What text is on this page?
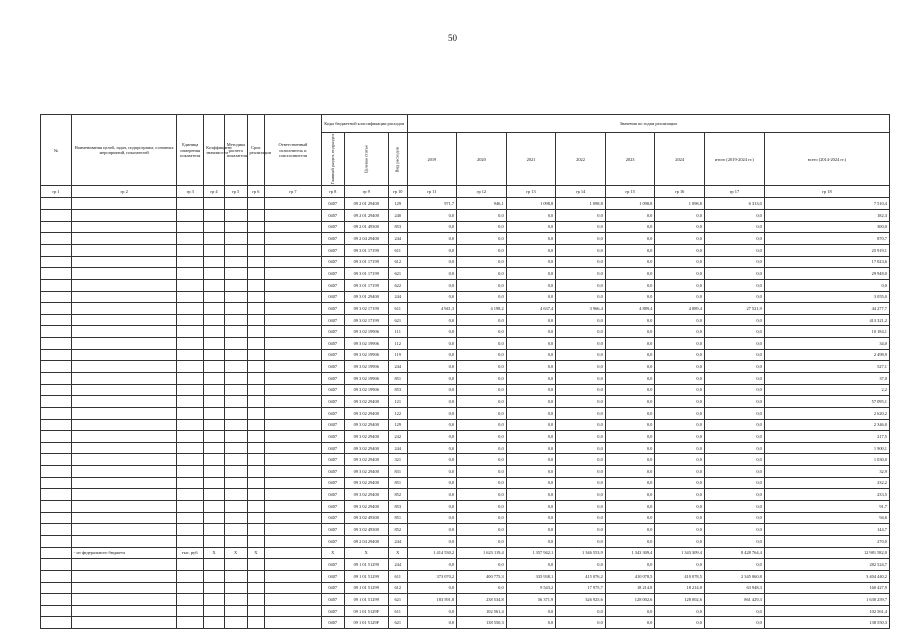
50
№	Наименования целей, задач, подпрограмм, основных мероприятий, показателей	Единица измерения показателя	Коэффициент значимости	Методика расчета показателя	Срок реализации	Ответственный исполнитель и соисполнители	Коды бюджетной классификации расходов			Значения по годам реализации							
							Главный раздел, подраздел	Целевая статья	Вид расходов	2019	2020	2021	2022	2023	2024	итого (2019-2024 гг.)	всего (2014-2024 гг.)
гр 1	гр 2	гр 3	гр 4	гр 5	гр 6	гр 7	гр 8	гр 9	гр 10	гр 11	гр 12	гр 13	гр 14	гр 15	гр 16	гр 17	гр 18
							0407	09 2 01 29400	129	971,7	946,1	1 098,8	1 098,8	1 098,8	1 098,8	6 313,0	7 510,4
							0407	09 2 01 29400	240	0,0	0,0	0,0	0,0	0,0	0,0	0,0	182,3
							0407	09 2 01 49300	853	0,0	0,0	0,0	0,0	0,0	0,0	0,0	300,0
							0407	09 2 04 29400	244	0,0	0,0	0,0	0,0	0,0	0,0	0,0	870,7
							0407	09 3 01 17199	611	0,0	0,0	0,0	0,0	0,0	0,0	0,0	25 919,1
							0407	09 3 01 17199	612	0,0	0,0	0,0	0,0	0,0	0,0	0,0	17 023,6
							0407	09 3 01 17199	621	0,0	0,0	0,0	0,0	0,0	0,0	0,0	29 948,0
							0407	09 3 01 17199	622	0,0	0,0	0,0	0,0	0,0	0,0	0,0	0,0
							0407	09 3 01 29400	244	0,0	0,0	0,0	0,0	0,0	0,0	0,0	3 055,0
							0407	09 3 02 17199	611	4 941,3	4 198,2	4 637,4	3 966,4	4 889,4	4 889,4	27 521,9	44 277,7
							0407	09 3 02 17199	621	0,0	0,0	0,0	0,0	0,0	0,0	0,0	413 321,2
							0407	09 3 02 19906	111	0,0	0,0	0,0	0,0	0,0	0,0	0,0	10 184,1
							0407	09 3 02 19906	112	0,0	0,0	0,0	0,0	0,0	0,0	0,0	34,0
							0407	09 3 02 19906	119	0,0	0,0	0,0	0,0	0,0	0,0	0,0	2 498,9
							0407	09 3 02 19906	244	0,0	0,0	0,0	0,0	0,0	0,0	0,0	527,1
							0407	09 3 02 19906	851	0,0	0,0	0,0	0,0	0,0	0,0	0,0	37,0
							0407	09 3 02 19906	853	0,0	0,0	0,0	0,0	0,0	0,0	0,0	2,2
							0407	09 3 02 29400	121	0,0	0,0	0,0	0,0	0,0	0,0	0,0	57 095,1
							0407	09 3 02 29400	122	0,0	0,0	0,0	0,0	0,0	0,0	0,0	2 620,2
							0407	09 3 02 29400	129	0,0	0,0	0,0	0,0	0,0	0,0	0,0	2 346,0
							0407	09 3 02 29400	242	0,0	0,0	0,0	0,0	0,0	0,0	0,0	217,5
							0407	09 3 02 29400	244	0,0	0,0	0,0	0,0	0,0	0,0	0,0	1 900,1
							0407	09 3 02 29400	321	0,0	0,0	0,0	0,0	0,0	0,0	0,0	1 030,0
							0407	09 3 02 29400	831	0,0	0,0	0,0	0,0	0,0	0,0	0,0	32,9
							0407	09 3 02 29400	851	0,0	0,0	0,0	0,0	0,0	0,0	0,0	232,2
							0407	09 3 02 29400	852	0,0	0,0	0,0	0,0	0,0	0,0	0,0	233,5
							0407	09 3 02 29400	853	0,0	0,0	0,0	0,0	0,0	0,0	0,0	91,7
							0407	09 3 02 49300	851	0,0	0,0	0,0	0,0	0,0	0,0	0,0	94,6
							0407	09 3 02 49300	852	0,0	0,0	0,0	0,0	0,0	0,0	0,0	144,7
							0407	09 2 04 29400	244	0,0	0,0	0,0	0,0	0,0	0,0	0,0	270,0
	- из федерального бюджета	тыс. руб.	X	X	X		X	X	X	1 414 530,2	1 623 119,4	1 357 942,1	1 346 553,9	1 343 309,4	1 343 309,4	8 428 764,4	12 981 582,0
							0407	09 1 01 51299	244	0,0	0,0	0,0	0,0	0,0	0,0	0,0	282 524,7
							0407	09 1 01 51299	611	373 070,2	400 775,3	335 938,1	415 076,2	410 078,5	410 078,5	2 345 060,8	3 404 440,2
							0407	09 1 01 51299	612	0,0	0,0	9 543,2	17 975,7	18 214,8	18 214,8	63 948,3	160 427,9
							0407	09 1 01 51299	621	183 591,8	238 534,8	56 371,9	326 925,6	128 002,6	128 002,6	861 429,3	1 630 259,7
							0407	09 1 01 5129F	611	0,0	102 561,4	0,0	0,0	0,0	0,0	0,0	102 561,4
							0407	09 1 01 5129F	621	0,0	138 550,3	0,0	0,0	0,0	0,0	0,0	138 550,3
